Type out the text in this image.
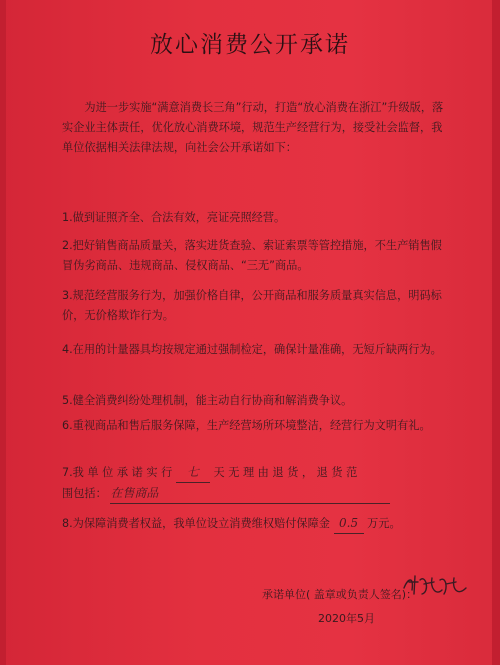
放心消费公开承诺
为进一步实施“满意消费长三角”行动，打造“放心消费在浙江”升级版，落实企业主体责任，优化放心消费环境，规范生产经营行为，接受社会监督，我单位依据相关法律法规，向社会公开承诺如下：
1.做到证照齐全、合法有效，亮证亮照经营。
2.把好销售商品质量关，落实进货查验、索证索票等管控措施，不生产销售假冒伪劣商品、违规商品、侵权商品、“三无”商品。
3.规范经营服务行为，加强价格自律，公开商品和服务质量真实信息，明码标价，无价格欺诈行为。
4.在用的计量器具均按规定通过强制检定，确保计量准确，无短斤缺两行为。
5.健全消费纠纷处理机制，能主动自行协商和解消费争议。
6.重视商品和售后服务保障，生产经营场所环境整洁，经营行为文明有礼。
7.我 单 位 承 诺 实 行 七 天 无 理 由 退 货 ， 退 货 范
围包括： 在售商品
8.为保障消费者权益，我单位设立消费维权赔付保障金 0.5 万元。
承诺单位( 盖章或负责人签名)：
2020年5月
